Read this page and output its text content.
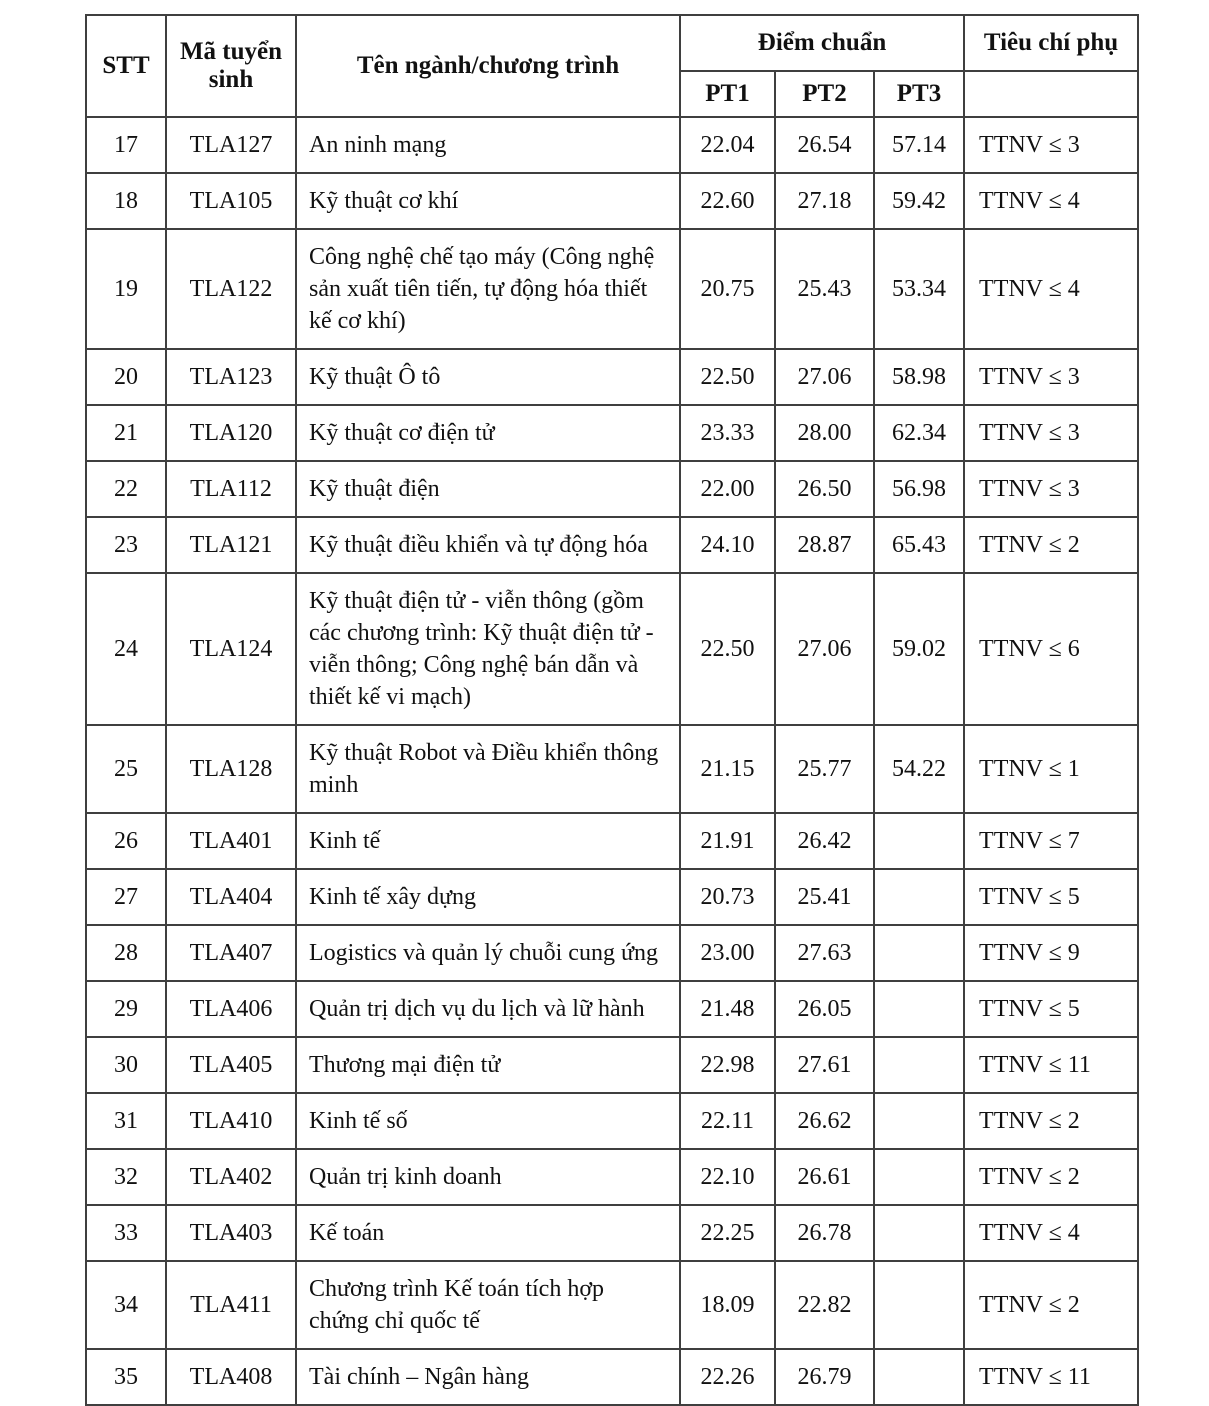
STT	Mã tuyển sinh	Tên ngành/chương trình	Điểm chuẩn			Tiêu chí phụ
			PT1	PT2	PT3	
17	TLA127	An ninh mạng	22.04	26.54	57.14	TTNV ≤ 3
18	TLA105	Kỹ thuật cơ khí	22.60	27.18	59.42	TTNV ≤ 4
19	TLA122	Công nghệ chế tạo máy (Công nghệ sản xuất tiên tiến, tự động hóa thiết kế cơ khí)	20.75	25.43	53.34	TTNV ≤ 4
20	TLA123	Kỹ thuật Ô tô	22.50	27.06	58.98	TTNV ≤ 3
21	TLA120	Kỹ thuật cơ điện tử	23.33	28.00	62.34	TTNV ≤ 3
22	TLA112	Kỹ thuật điện	22.00	26.50	56.98	TTNV ≤ 3
23	TLA121	Kỹ thuật điều khiển và tự động hóa	24.10	28.87	65.43	TTNV ≤ 2
24	TLA124	Kỹ thuật điện tử - viễn thông (gồm các chương trình: Kỹ thuật điện tử - viễn thông; Công nghệ bán dẫn và thiết kế vi mạch)	22.50	27.06	59.02	TTNV ≤ 6
25	TLA128	Kỹ thuật Robot và Điều khiển thông minh	21.15	25.77	54.22	TTNV ≤ 1
26	TLA401	Kinh tế	21.91	26.42		TTNV ≤ 7
27	TLA404	Kinh tế xây dựng	20.73	25.41		TTNV ≤ 5
28	TLA407	Logistics và quản lý chuỗi cung ứng	23.00	27.63		TTNV ≤ 9
29	TLA406	Quản trị dịch vụ du lịch và lữ hành	21.48	26.05		TTNV ≤ 5
30	TLA405	Thương mại điện tử	22.98	27.61		TTNV ≤ 11
31	TLA410	Kinh tế số	22.11	26.62		TTNV ≤ 2
32	TLA402	Quản trị kinh doanh	22.10	26.61		TTNV ≤ 2
33	TLA403	Kế toán	22.25	26.78		TTNV ≤ 4
34	TLA411	Chương trình Kế toán tích hợp chứng chỉ quốc tế	18.09	22.82		TTNV ≤ 2
35	TLA408	Tài chính – Ngân hàng	22.26	26.79		TTNV ≤ 11
